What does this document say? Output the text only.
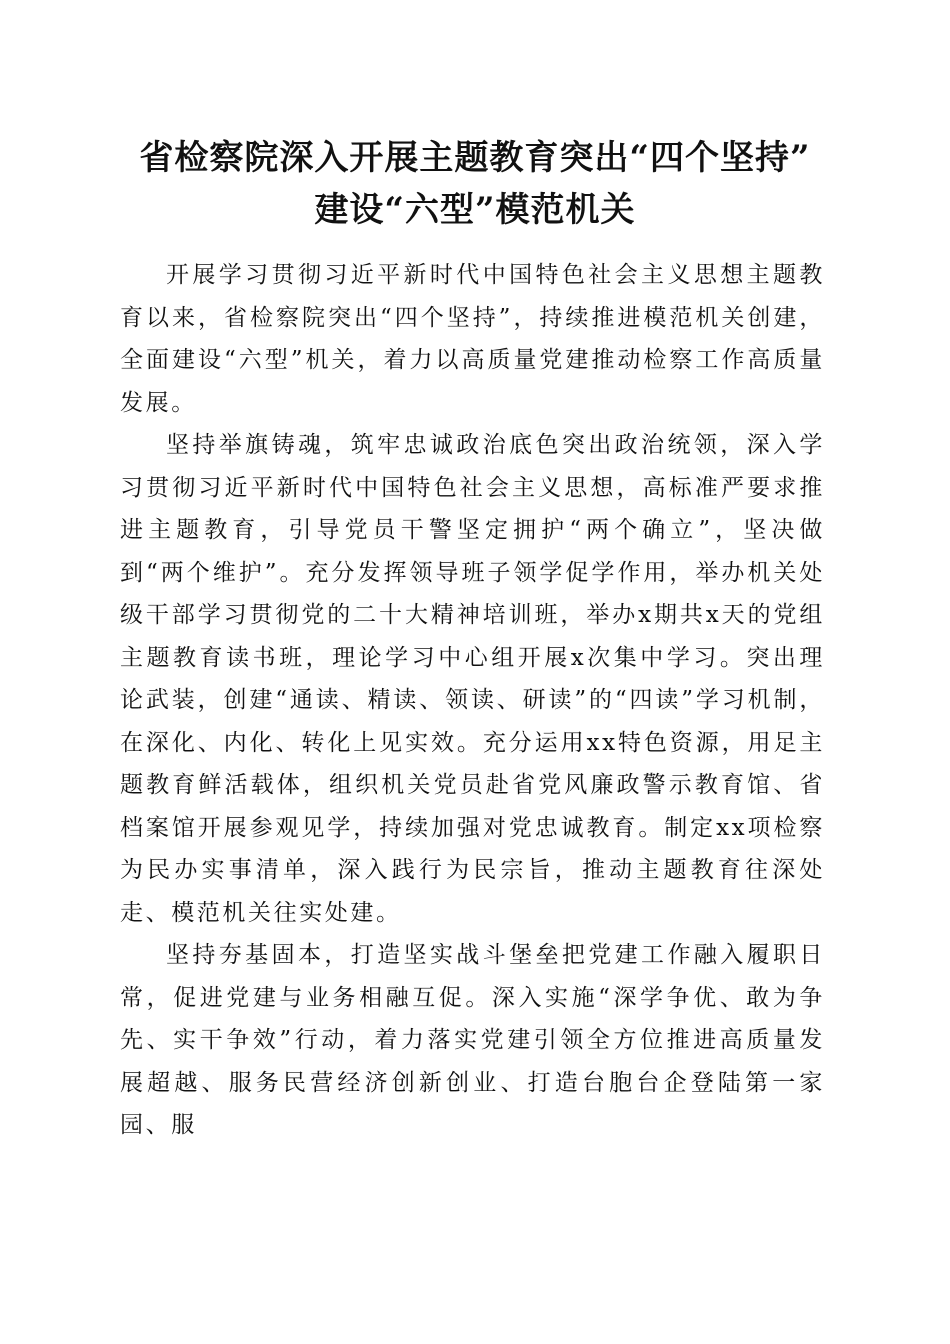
省检察院深入开展主题教育突出“四个坚持”
建设“六型”模范机关

开展学习贯彻习近平新时代中国特色社会主义思想主题教育以来，省检察院突出“四个坚持”，持续推进模范机关创建，全面建设“六型”机关，着力以高质量党建推动检察工作高质量发展。

坚持举旗铸魂，筑牢忠诚政治底色突出政治统领，深入学习贯彻习近平新时代中国特色社会主义思想，高标准严要求推进主题教育，引导党员干警坚定拥护“两个确立”，坚决做到“两个维护”。充分发挥领导班子领学促学作用，举办机关处级干部学习贯彻党的二十大精神培训班，举办x期共x天的党组主题教育读书班，理论学习中心组开展x次集中学习。突出理论武装，创建“通读、精读、领读、研读”的“四读”学习机制，在深化、内化、转化上见实效。充分运用xx特色资源，用足主题教育鲜活载体，组织机关党员赴省党风廉政警示教育馆、省档案馆开展参观见学，持续加强对党忠诚教育。制定xx项检察为民办实事清单，深入践行为民宗旨，推动主题教育往深处走、模范机关往实处建。

坚持夯基固本，打造坚实战斗堡垒把党建工作融入履职日常，促进党建与业务相融互促。深入实施“深学争优、敢为争先、实干争效”行动，着力落实党建引领全方位推进高质量发展超越、服务民营经济创新创业、打造台胞台企登陆第一家园、服
